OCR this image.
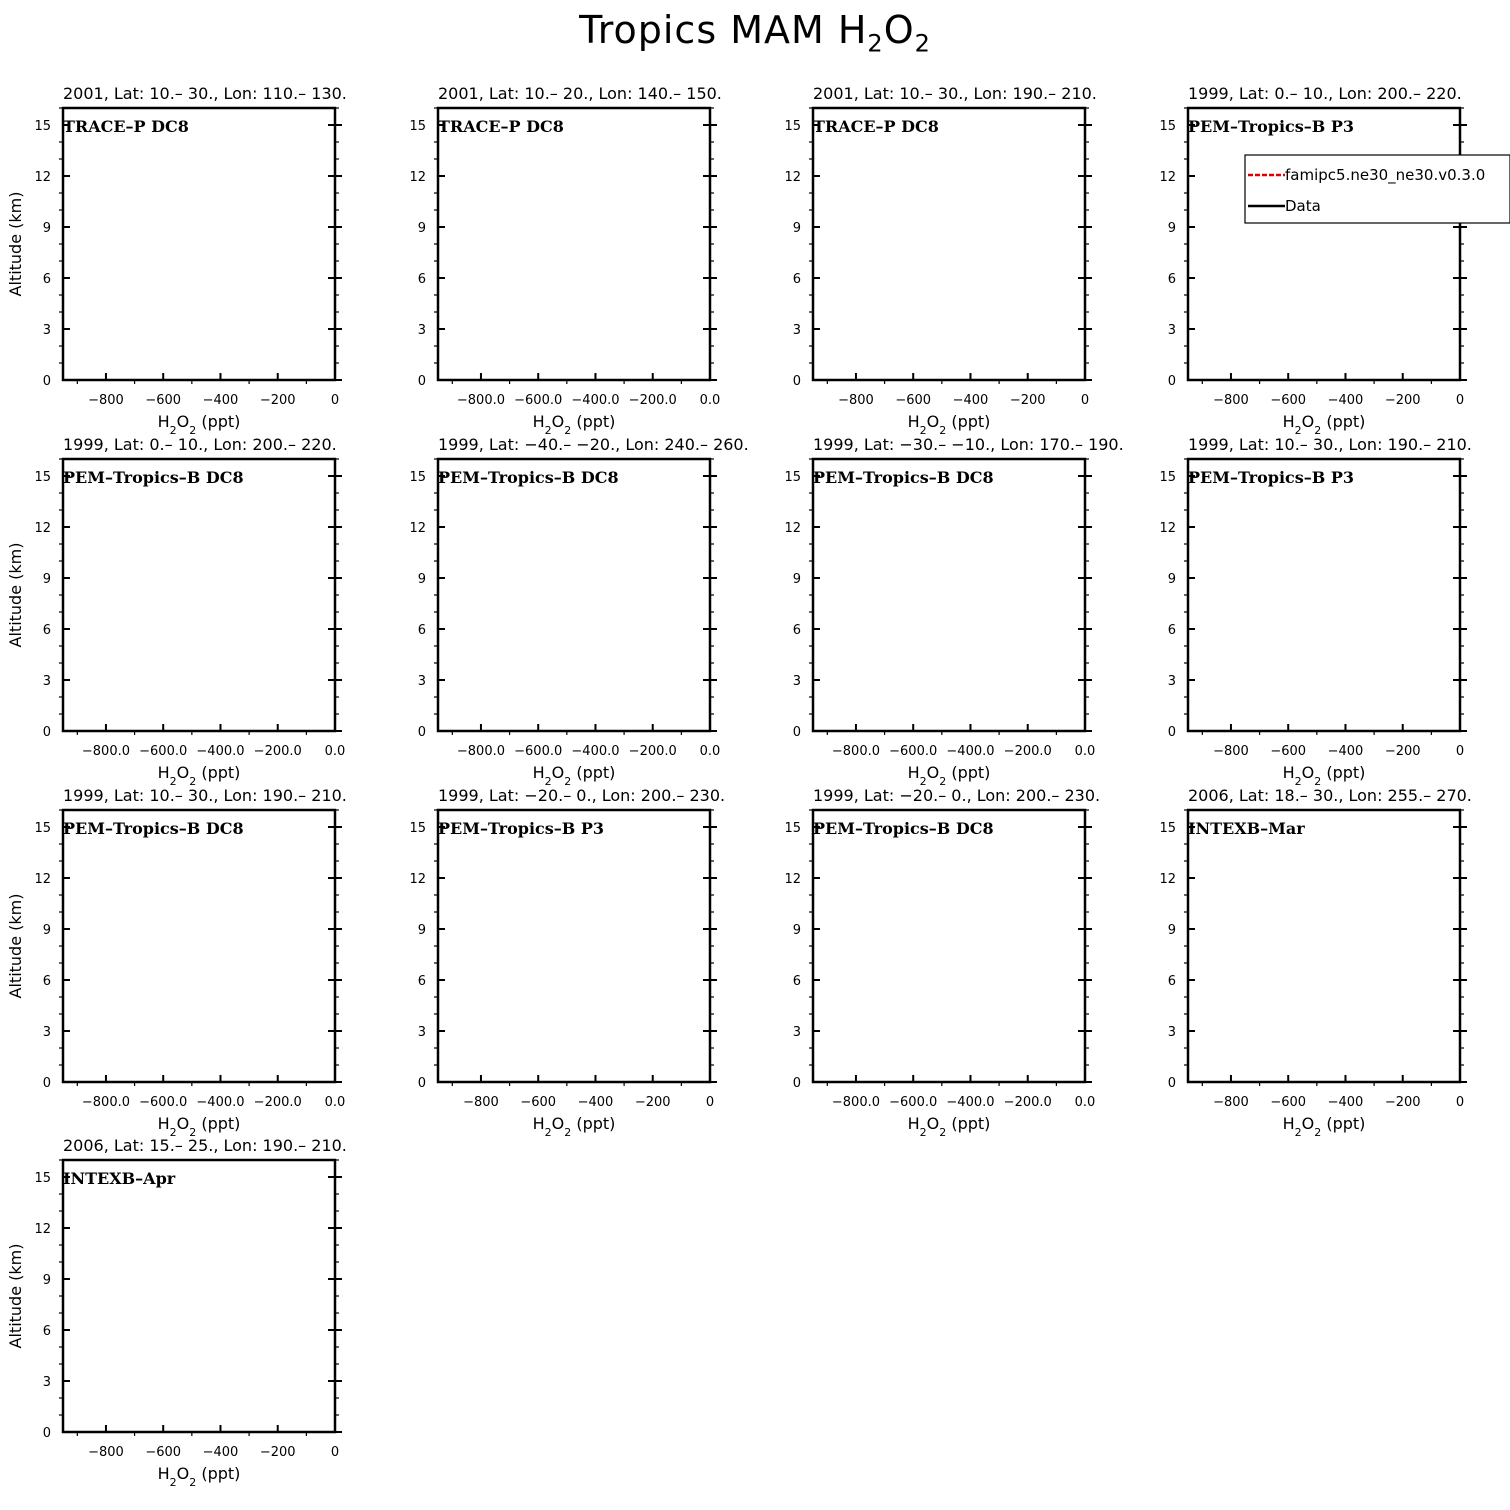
Tropics MAM $H_2O_2$
0
3
6
9
12
15
−800 −600 −400 −200	0
2001, Lat: 10.– 30., Lon: 110.– 130.
TRACE–P DC8
$H_2O_2$ (ppt)
Altitude (km)
0
3
6
9
12
15
−800.0 −600.0 −400.0 −200.0 0.0
2001, Lat: 10.– 20., Lon: 140.– 150.
TRACE–P DC8
$H_2O_2$ (ppt)
0
3
6
9
12
15
−800 −600 −400 −200	0
2001, Lat: 10.– 30., Lon: 190.– 210.
TRACE–P DC8
$H_2O_2$ (ppt)
0
3
6
9
12
15
−800 −600 −400 −200	0
1999, Lat: 0.– 10., Lon: 200.– 220.
PEM–Tropics–B P3
$H_2O_2$ (ppt)
famipc5.ne30_ne30.v0.3.0
Data
0
3
6
9
12
15
−800.0 −600.0 −400.0 −200.0 0.0
1999, Lat: 0.– 10., Lon: 200.– 220.
PEM–Tropics–B DC8
$H_2O_2$ (ppt)
Altitude (km)
0
3
6
9
12
15
−800.0 −600.0 −400.0 −200.0 0.0
1999, Lat: −40.– −20., Lon: 240.– 260.
PEM–Tropics–B DC8
$H_2O_2$ (ppt)
0
3
6
9
12
15
−800.0 −600.0 −400.0 −200.0 0.0
1999, Lat: −30.– −10., Lon: 170.– 190.
PEM–Tropics–B DC8
$H_2O_2$ (ppt)
0
3
6
9
12
15
−800 −600 −400 −200	0
1999, Lat: 10.– 30., Lon: 190.– 210.
PEM–Tropics–B P3
$H_2O_2$ (ppt)
0
3
6
9
12
15
−800.0 −600.0 −400.0 −200.0 0.0
1999, Lat: 10.– 30., Lon: 190.– 210.
PEM–Tropics–B DC8
$H_2O_2$ (ppt)
Altitude (km)
0
3
6
9
12
15
−800 −600 −400 −200	0
1999, Lat: −20.– 0., Lon: 200.– 230.
PEM–Tropics–B P3
$H_2O_2$ (ppt)
0
3
6
9
12
15
−800.0 −600.0 −400.0 −200.0 0.0
1999, Lat: −20.– 0., Lon: 200.– 230.
PEM–Tropics–B DC8
$H_2O_2$ (ppt)
0
3
6
9
12
15
−800 −600 −400 −200	0
2006, Lat: 18.– 30., Lon: 255.– 270.
INTEXB–Mar
$H_2O_2$ (ppt)
0
3
6
9
12
15
−800 −600 −400 −200	0
2006, Lat: 15.– 25., Lon: 190.– 210.
INTEXB–Apr
$H_2O_2$ (ppt)
Altitude (km)
